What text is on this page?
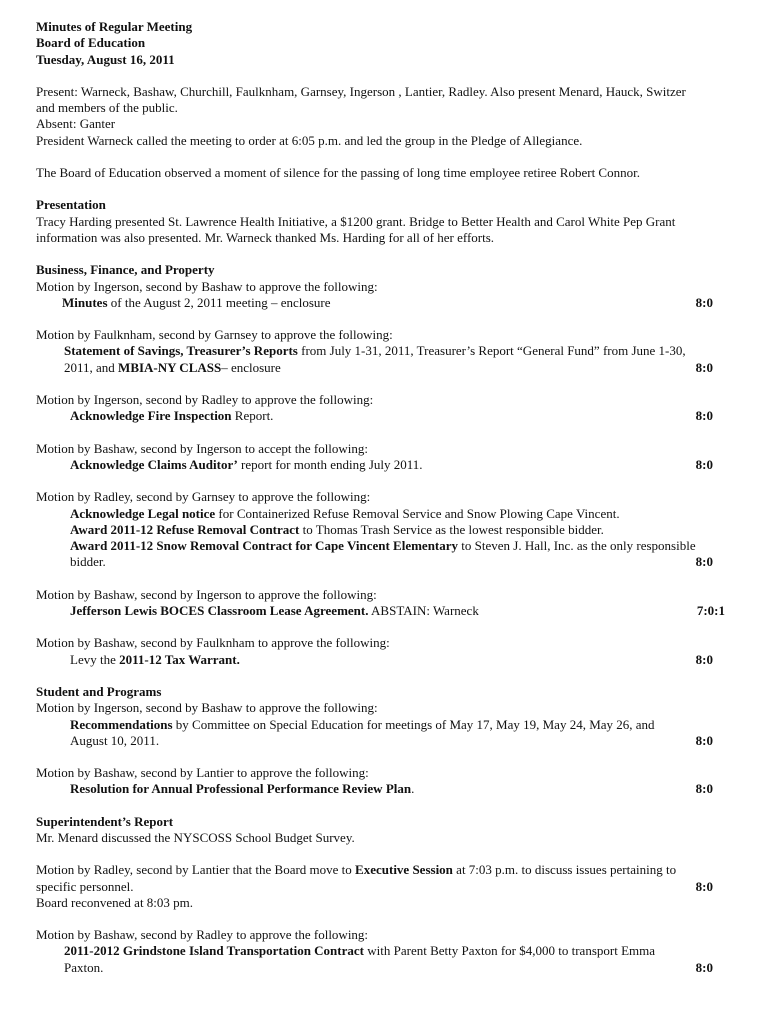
Minutes of Regular Meeting
Board of Education
Tuesday, August 16, 2011
Present: Warneck, Bashaw, Churchill, Faulknham, Garnsey, Ingerson , Lantier, Radley. Also present Menard, Hauck, Switzer
and members of the public.
Absent: Ganter
President Warneck called the meeting to order at 6:05 p.m. and led the group in the Pledge of Allegiance.
The Board of Education observed a moment of silence for the passing of long time employee retiree Robert Connor.
Presentation
Tracy Harding presented St. Lawrence Health Initiative, a $1200 grant. Bridge to Better Health and Carol White Pep Grant
information was also presented. Mr. Warneck thanked Ms. Harding for all of her efforts.
Business, Finance, and Property
Motion by Ingerson, second by Bashaw to approve the following:
Minutes of the August 2, 2011 meeting – enclosure	8:0
Motion by Faulknham, second by Garnsey to approve the following:
Statement of Savings, Treasurer’s Reports from July 1-31, 2011, Treasurer’s Report “General Fund” from June 1-30,
2011, and MBIA-NY CLASS– enclosure	8:0
Motion by Ingerson, second by Radley to approve the following:
Acknowledge Fire Inspection Report.	8:0
Motion by Bashaw, second by Ingerson to accept the following:
Acknowledge Claims Auditor’ report for month ending July 2011.	8:0
Motion by Radley, second by Garnsey to approve the following:
Acknowledge Legal notice for Containerized Refuse Removal Service and Snow Plowing Cape Vincent.
Award 2011-12 Refuse Removal Contract to Thomas Trash Service as the lowest responsible bidder.
Award 2011-12 Snow Removal Contract for Cape Vincent Elementary to Steven J. Hall, Inc. as the only responsible
bidder.	8:0
Motion by Bashaw, second by Ingerson to approve the following:
Jefferson Lewis BOCES Classroom Lease Agreement. ABSTAIN: Warneck	7:0:1
Motion by Bashaw, second by Faulknham to approve the following:
Levy the 2011-12 Tax Warrant.	8:0
Student and Programs
Motion by Ingerson, second by Bashaw to approve the following:
Recommendations by Committee on Special Education for meetings of May 17, May 19, May 24, May 26, and
August 10, 2011.	8:0
Motion by Bashaw, second by Lantier to approve the following:
Resolution for Annual Professional Performance Review Plan.	8:0
Superintendent’s Report
Mr. Menard discussed the NYSCOSS School Budget Survey.
Motion by Radley, second by Lantier that the Board move to Executive Session at 7:03 p.m. to discuss issues pertaining to
specific personnel.	8:0
Board reconvened at 8:03 pm.
Motion by Bashaw, second by Radley to approve the following:
2011-2012 Grindstone Island Transportation Contract with Parent Betty Paxton for $4,000 to transport Emma
Paxton.	8:0
